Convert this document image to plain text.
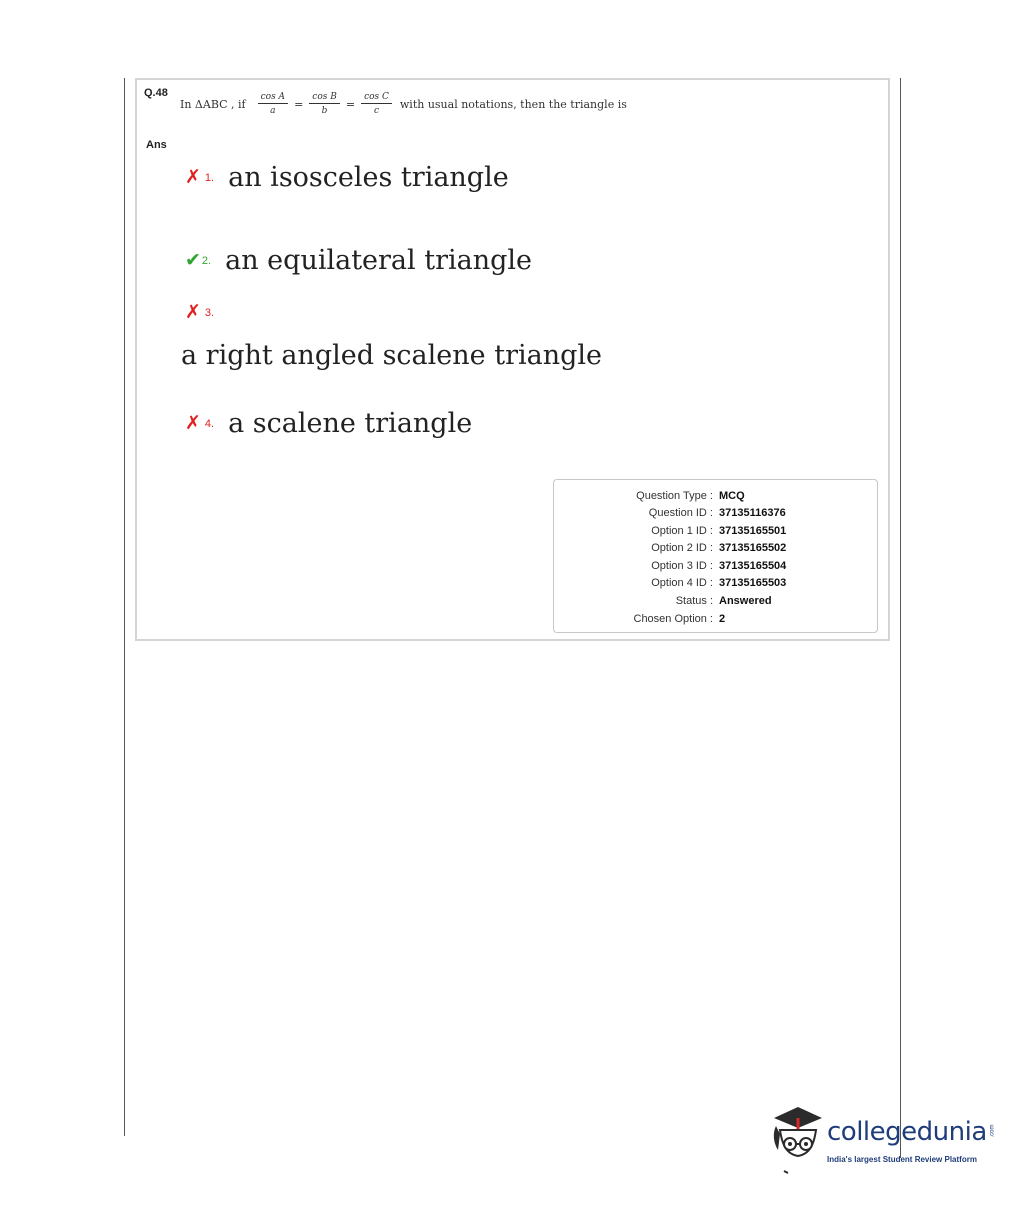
Q.48
In ΔABC , if $\frac{\text{cos A}}{a} = \frac{\text{cos B}}{b} = \frac{\text{cos C}}{c}$ with usual notations, then the triangle is
Ans
✗ 1. an isosceles triangle
✔ 2. an equilateral triangle
✗ 3.
a right angled scalene triangle
✗ 4. a scalene triangle
Question Type : MCQ
Question ID : 37135116376
Option 1 ID : 37135165501
Option 2 ID : 37135165502
Option 3 ID : 37135165504
Option 4 ID : 37135165503
Status : Answered
Chosen Option : 2
collegedunia .com
India's largest Student Review Platform
